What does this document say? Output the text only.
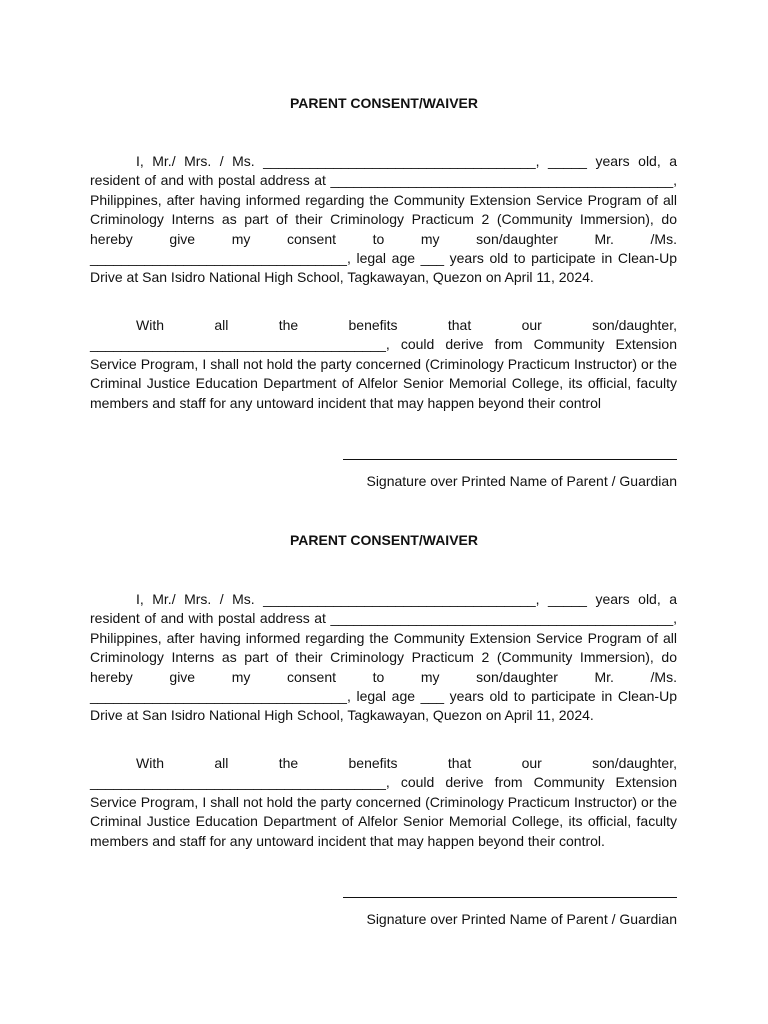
PARENT CONSENT/WAIVER

I, Mr./ Mrs. / Ms. ___________________________________, _____ years old, a resident of and with postal address at ____________________________________________, Philippines, after having informed regarding the Community Extension Service Program of all Criminology Interns as part of their Criminology Practicum 2 (Community Immersion), do hereby give my consent to my son/daughter Mr. /Ms. _________________________________, legal age ___ years old to participate in Clean-Up Drive at San Isidro National High School, Tagkawayan, Quezon on April 11, 2024.

With all the benefits that our son/daughter, ______________________________________, could derive from Community Extension Service Program, I shall not hold the party concerned (Criminology Practicum Instructor) or the Criminal Justice Education Department of Alfelor Senior Memorial College, its official, faculty members and staff for any untoward incident that may happen beyond their control

Signature over Printed Name of Parent / Guardian
PARENT CONSENT/WAIVER

I, Mr./ Mrs. / Ms. ___________________________________, _____ years old, a resident of and with postal address at ____________________________________________, Philippines, after having informed regarding the Community Extension Service Program of all Criminology Interns as part of their Criminology Practicum 2 (Community Immersion), do hereby give my consent to my son/daughter Mr. /Ms. _________________________________, legal age ___ years old to participate in Clean-Up Drive at San Isidro National High School, Tagkawayan, Quezon on April 11, 2024.

With all the benefits that our son/daughter, ______________________________________, could derive from Community Extension Service Program, I shall not hold the party concerned (Criminology Practicum Instructor) or the Criminal Justice Education Department of Alfelor Senior Memorial College, its official, faculty members and staff for any untoward incident that may happen beyond their control.

Signature over Printed Name of Parent / Guardian
